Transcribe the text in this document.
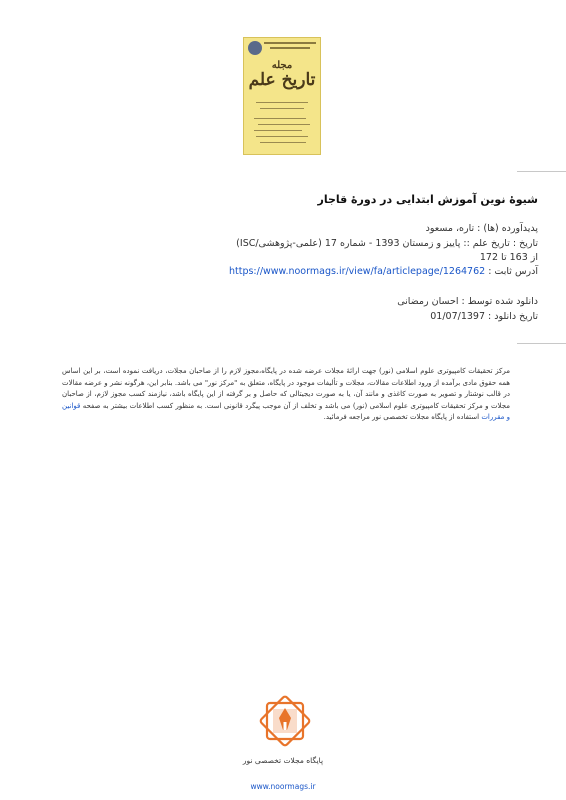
مجله
تاریخ علم
شیوهٔ نوین آموزش ابتدایی در دورهٔ قاجار
پدیدآورده (ها) : تاره، مسعود
تاریخ : تاریخ علم :: پاییز و زمستان 1393 - شماره 17 (علمی-پژوهشی/ISC)
از 163 تا 172
آدرس ثابت : https://www.noormags.ir/view/fa/articlepage/1264762
دانلود شده توسط : احسان رمضانی
تاریخ دانلود : 01/07/1397
مرکز تحقیقات کامپیوتری علوم اسلامی (نور) جهت ارائهٔ مجلات عرضه شده در پایگاه،مجوز لازم را از صاحبان مجلات، دریافت نموده است، بر این اساس همه حقوق مادی برآمده از ورود اطلاعات مقالات، مجلات و تألیفات موجود در پایگاه، متعلق به "مرکز نور" می باشد. بنابر این، هرگونه نشر و عرضه مقالات در قالب نوشتار و تصویر به صورت کاغذی و مانند آن، یا به صورت دیجیتالی که حاصل و بر گرفته از این پایگاه باشد، نیازمند کسب مجوز لازم، از صاحبان مجلات و مرکز تحقیقات کامپیوتری علوم اسلامی (نور) می باشد و تخلف از آن موجب پیگرد قانونی است. به منظور کسب اطلاعات بیشتر به صفحه قوانین و مقررات استفاده از پایگاه مجلات تخصصی نور مراجعه فرمائید.
پایگاه مجلات تخصصی نور
www.noormags.ir
